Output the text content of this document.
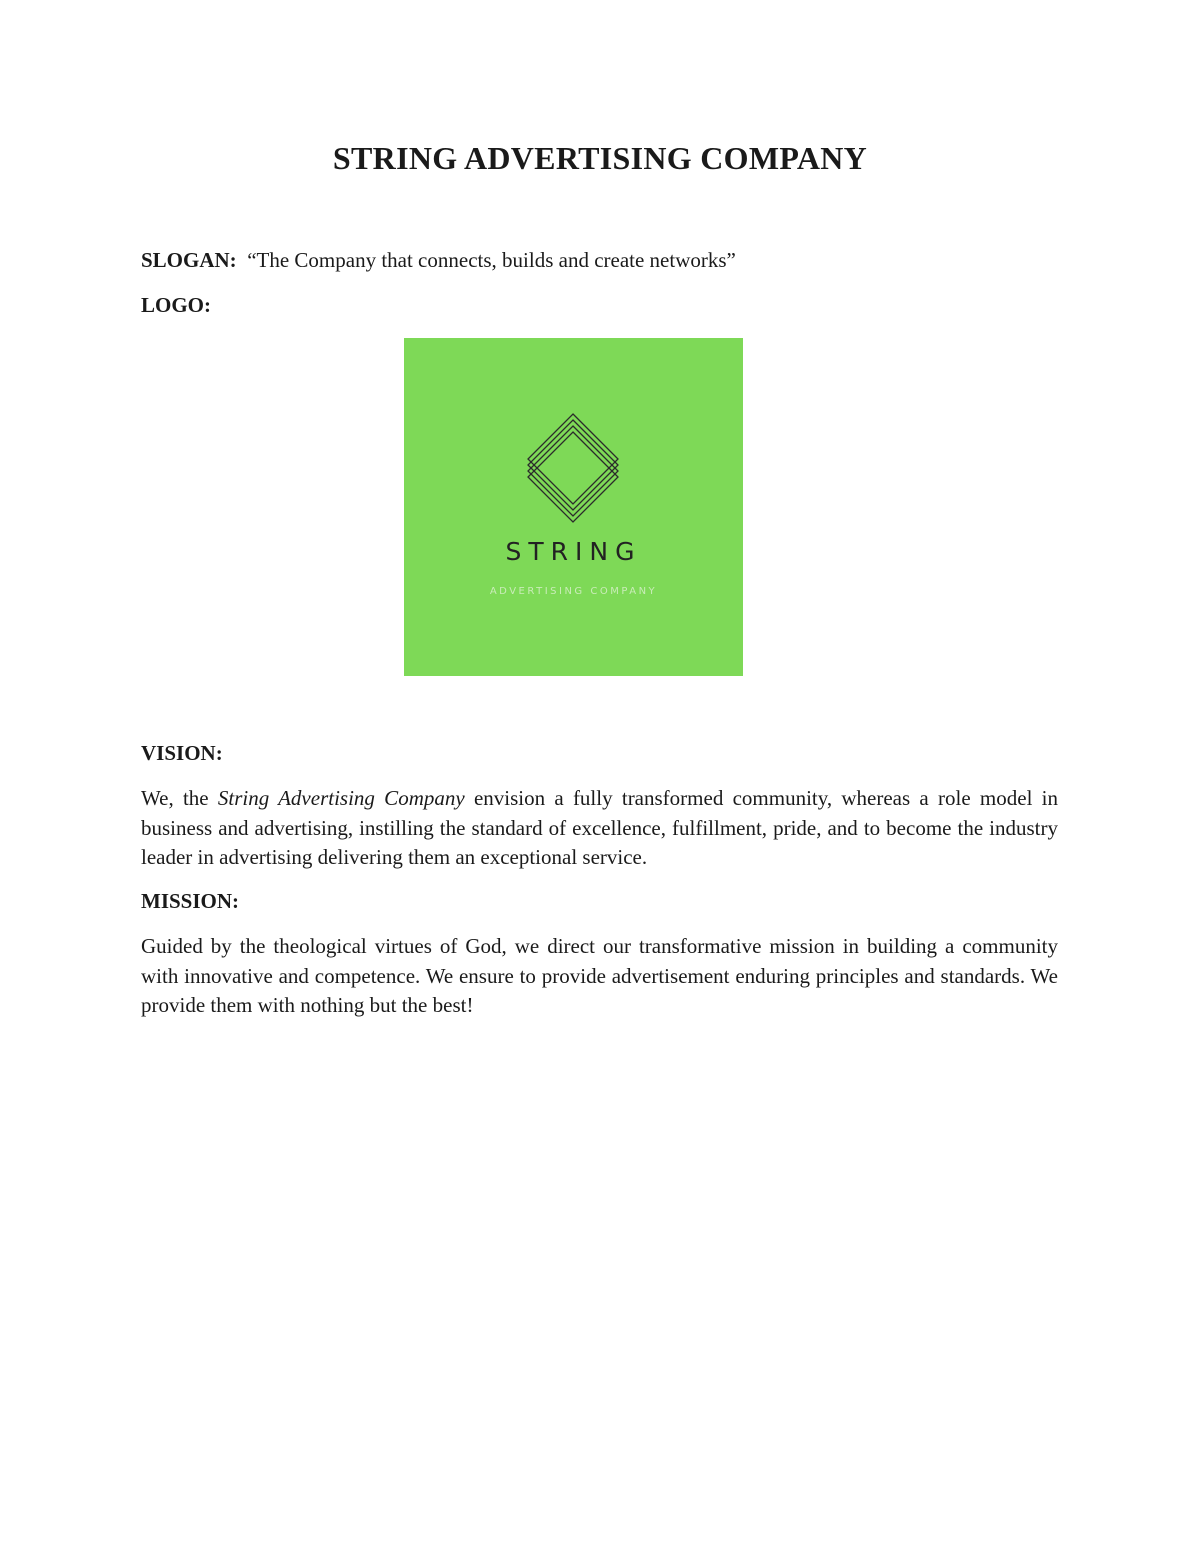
STRING ADVERTISING COMPANY
SLOGAN: “The Company that connects, builds and create networks”
LOGO:
STRING
ADVERTISING COMPANY
VISION:
We, the String Advertising Company envision a fully transformed community, whereas a role model in business and advertising, instilling the standard of excellence, fulfillment, pride, and to become the industry leader in advertising delivering them an exceptional service.
MISSION:
Guided by the theological virtues of God, we direct our transformative mission in building a community with innovative and competence. We ensure to provide advertisement enduring principles and standards. We provide them with nothing but the best!
